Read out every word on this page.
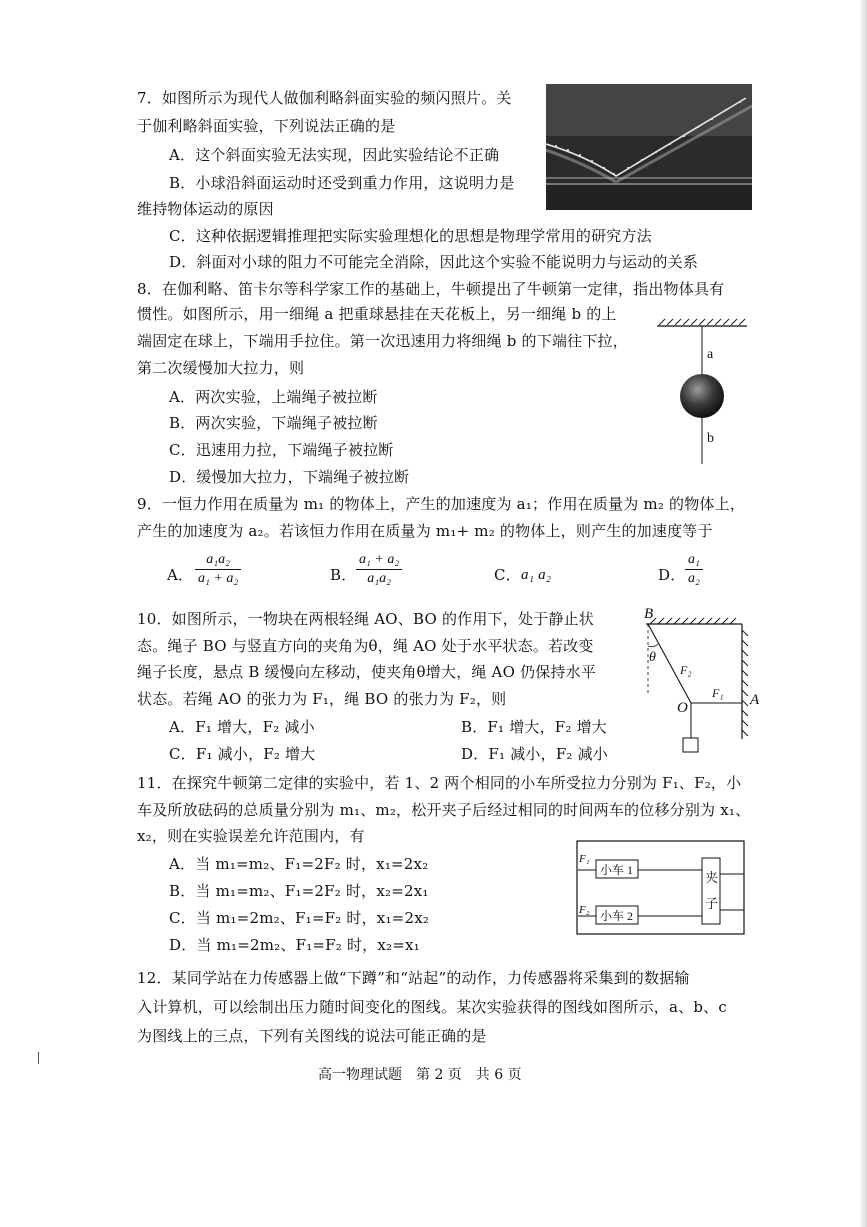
7．如图所示为现代人做伽利略斜面实验的频闪照片。关
于伽利略斜面实验，下列说法正确的是
A．这个斜面实验无法实现，因此实验结论不正确
B．小球沿斜面运动时还受到重力作用，这说明力是
维持物体运动的原因
C．这种依据逻辑推理把实际实验理想化的思想是物理学常用的研究方法
D．斜面对小球的阻力不可能完全消除，因此这个实验不能说明力与运动的关系
8．在伽利略、笛卡尔等科学家工作的基础上，牛顿提出了牛顿第一定律，指出物体具有
惯性。如图所示，用一细绳 a 把重球悬挂在天花板上，另一细绳 b 的上
端固定在球上，下端用手拉住。第一次迅速用力将细绳 b 的下端往下拉，
第二次缓慢加大拉力，则
A．两次实验，上端绳子被拉断
B．两次实验，下端绳子被拉断
C．迅速用力拉，下端绳子被拉断
D．缓慢加大拉力，下端绳子被拉断
a
b
9．一恒力作用在质量为 m₁ 的物体上，产生的加速度为 a₁；作用在质量为 m₂ 的物体上，
产生的加速度为 a₂。若该恒力作用在质量为 m₁+ m₂ 的物体上，则产生的加速度等于
A． $\frac{\text{a₁a₂}}{\text{a₁ + a₂}}$	B． $\frac{\text{a₁ + a₂}}{\text{a₁a₂}}$	C． a₁ a₂	D． $\frac{\text{a₁}}{\text{a₂}}$
10．如图所示，一物块在两根轻绳 AO、BO 的作用下，处于静止状
态。绳子 BO 与竖直方向的夹角为θ，绳 AO 处于水平状态。若改变
绳子长度，悬点 B 缓慢向左移动，使夹角θ增大，绳 AO 仍保持水平
状态。若绳 AO 的张力为 F₁，绳 BO 的张力为 F₂，则
A．F₁ 增大，F₂ 减小	B．F₁ 增大，F₂ 增大
C．F₁ 减小，F₂ 增大	D．F₁ 减小，F₂ 减小
B
θ
F₂
F₁
O	A
11．在探究牛顿第二定律的实验中，若 1、2 两个相同的小车所受拉力分别为 F₁、F₂，小
车及所放砝码的总质量分别为 m₁、m₂，松开夹子后经过相同的时间两车的位移分别为 x₁、
x₂，则在实验误差允许范围内，有
A．当 m₁=m₂、F₁=2F₂ 时，x₁=2x₂
B．当 m₁=m₂、F₁=2F₂ 时，x₂=2x₁
C．当 m₁=2m₂、F₁=F₂ 时，x₁=2x₂
D．当 m₁=2m₂、F₁=F₂ 时，x₂=x₁
F₁
F₂
小车 1
小车 2
夹
子
12．某同学站在力传感器上做“下蹲”和“站起”的动作，力传感器将采集到的数据输
入计算机，可以绘制出压力随时间变化的图线。某次实验获得的图线如图所示，a、b、c
为图线上的三点，下列有关图线的说法可能正确的是
高一物理试题　第 2 页　共 6 页
